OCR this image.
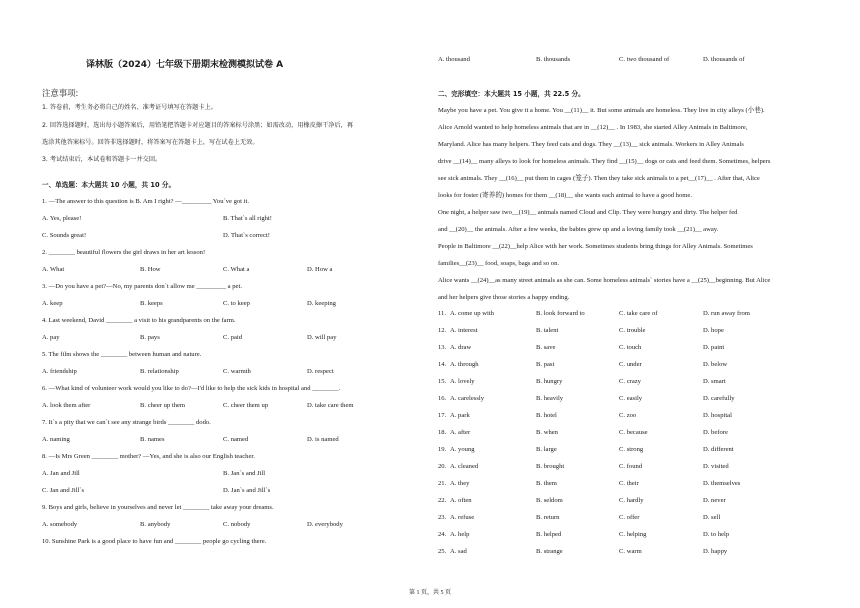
译林版（2024）七年级下册期末检测模拟试卷 A
注意事项:
1. 答卷前，考生务必将自己的姓名、准考证号填写在答题卡上。
2. 回答选择题时，选出每小题答案后，用铅笔把答题卡对应题目的答案标号涂黑；如需改动，用橡皮擦干净后，再
选涂其他答案标号。回答非选择题时，将答案写在答题卡上，写在试卷上无效。
3. 考试结束后，本试卷和答题卡一并交回。
一、单选题：本大题共 10 小题，共 10 分。
1. —The answer to this question is B. Am I right? —_________ You`ve got it.
A. Yes, please!	B. That`s all right!
C. Sounds great!	D. That`s correct!
2. ________ beautiful flowers the girl draws in her art lesson!
A. What	B. How	C. What a	D. How a
3. —Do you have a pet?—No, my parents don`t allow me _________ a pet.
A. keep	B. keeps	C. to keep	D. keeping
4. Last weekend, David ________ a visit to his grandparents on the farm.
A. pay	B. pays	C. paid	D. will pay
5. The film shows the ________ between human and nature.
A. friendship	B. relationship	C. warmth	D. respect
6. —What kind of volunteer work would you like to do?—I'd like to help the sick kids in hospital and ________.
A. look them after	B. cheer up them	C. cheer them up	D. take care them
7. It`s a pity that we can`t see any strange birds ________ dodo.
A. naming	B. names	C. named	D. is named
8. —Is Mrs Green ________ mother? —Yes, and she is also our English teacher.
A. Jan and Jill	B. Jan`s and Jill
C. Jan and Jill`s	D. Jan`s and Jill`s
9. Boys and girls, believe in yourselves and never let ________ take away your dreams.
A. somebody	B. anybody	C. nobody	D. everybody
10. Sunshine Park is a good place to have fun and ________ people go cycling there.
A. thousand	B. thousands	C. two thousand of	D. thousands of
二、完形填空：本大题共 15 小题，共 22.5 分。
Maybe you have a pet. You give it a home. You __(11)__ it. But some animals are homeless. They live in city alleys (小巷).
Alice Arnold wanted to help homeless animals that are in __(12)__ . In 1983, she started Alley Animals in Baltimore,
Maryland. Alice has many helpers. They feed cats and dogs. They __(13)__ sick animals. Workers in Alley Animals
drive __(14)__ many alleys to look for homeless animals. They find __(15)__ dogs or cats and feed them. Sometimes, helpers
see sick animals. They __(16)__ put them in cages (笼子). Then they take sick animals to a pet__(17)__ . After that, Alice
looks for foster (寄养的) homes for them __(18)__ she wants each animal to have a good home.
One night, a helper saw two__(19)__ animals named Cloud and Clip. They were hungry and dirty. The helper fed
and __(20)__ the animals. After a few weeks, the babies grew up and a loving family took __(21)__ away.
People in Baltimore __(22)__help Alice with her work. Sometimes students bring things for Alley Animals. Sometimes
families__(23)__ food, soaps, bags and so on.
Alice wants __(24)__as many street animals as she can. Some homeless animals` stories have a __(25)__beginning. But Alice
and her helpers give those stories a happy ending.
11. A. come up with	B. look forward to	C. take care of	D. run away from
12. A. interest	B. talent	C. trouble	D. hope
13. A. draw	B. save	C. touch	D. paint
14. A. through	B. past	C. under	D. below
15. A. lovely	B. hungry	C. crazy	D. smart
16. A. carelessly	B. heavily	C. easily	D. carefully
17. A. park	B. hotel	C. zoo	D. hospital
18. A. after	B. when	C. because	D. before
19. A. young	B. large	C. strong	D. different
20. A. cleaned	B. brought	C. found	D. visited
21. A. they	B. them	C. their	D. themselves
22. A. often	B. seldom	C. hardly	D. never
23. A. refuse	B. return	C. offer	D. sell
24. A. help	B. helped	C. helping	D. to help
25. A. sad	B. strange	C. warm	D. happy
第 1 页，共 5 页
